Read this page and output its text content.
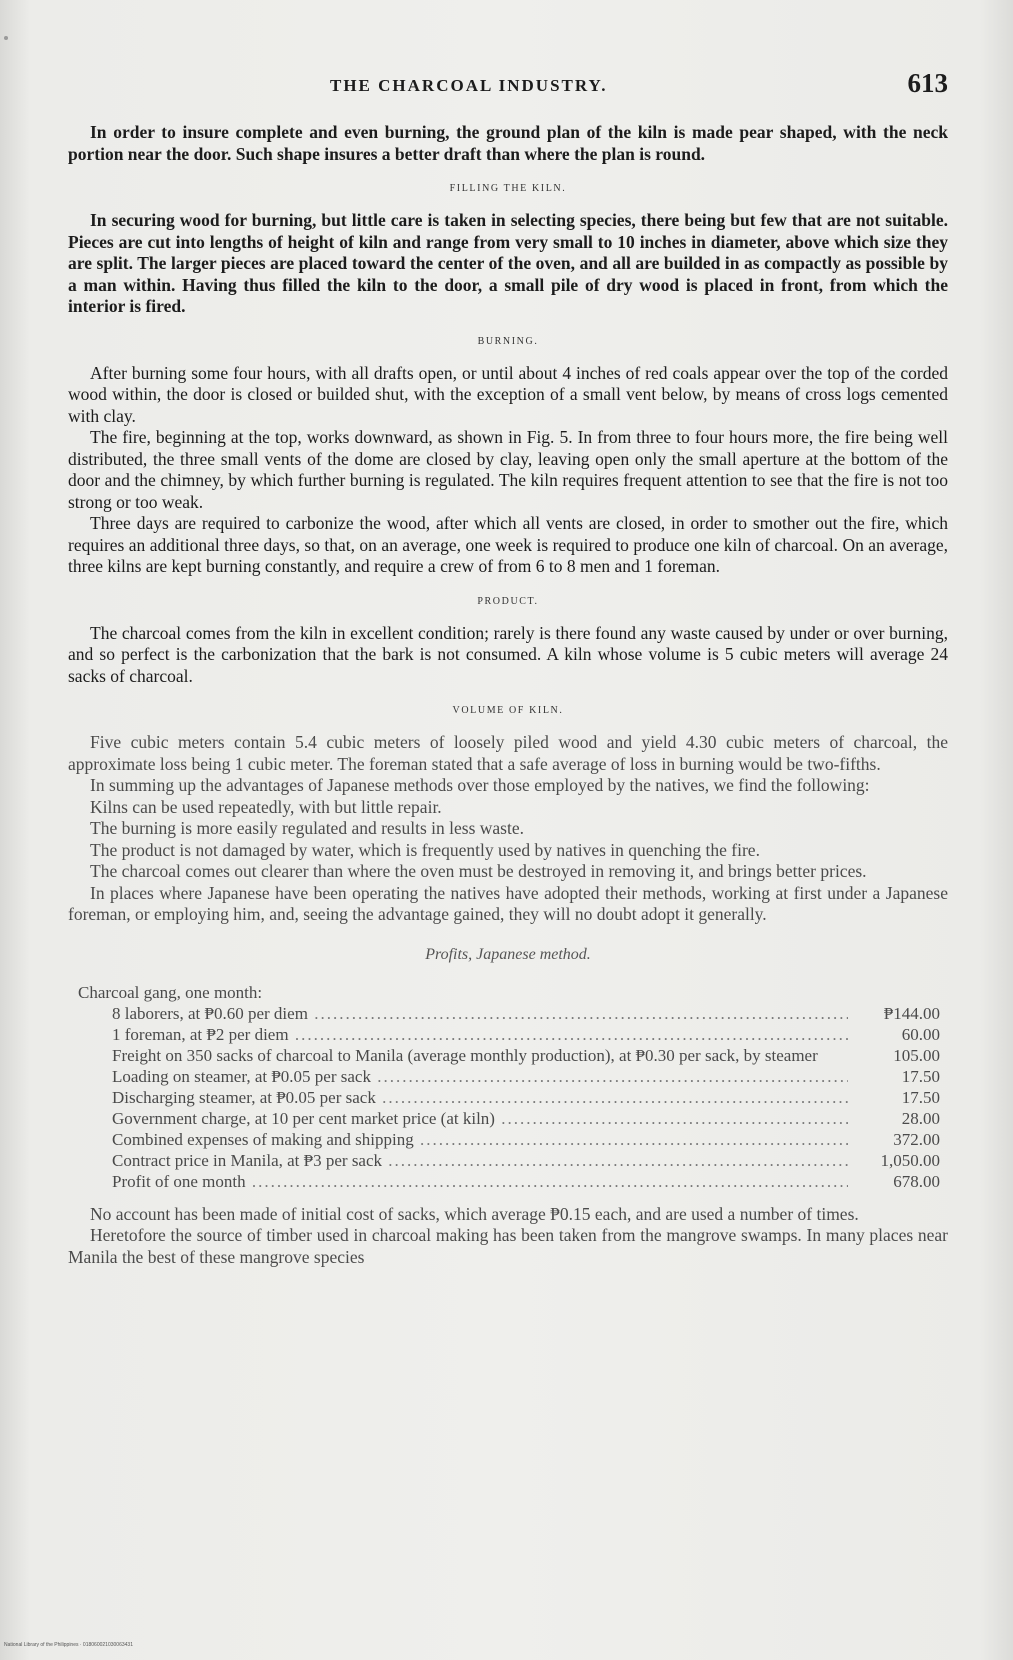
THE CHARCOAL INDUSTRY.	613

In order to insure complete and even burning, the ground plan of the kiln is made pear shaped, with the neck portion near the door. Such shape insures a better draft than where the plan is round.

FILLING THE KILN.

In securing wood for burning, but little care is taken in selecting species, there being but few that are not suitable. Pieces are cut into lengths of height of kiln and range from very small to 10 inches in diameter, above which size they are split. The larger pieces are placed toward the center of the oven, and all are builded in as compactly as possible by a man within. Having thus filled the kiln to the door, a small pile of dry wood is placed in front, from which the interior is fired.

BURNING.

After burning some four hours, with all drafts open, or until about 4 inches of red coals appear over the top of the corded wood within, the door is closed or builded shut, with the exception of a small vent below, by means of cross logs cemented with clay.

The fire, beginning at the top, works downward, as shown in Fig. 5. In from three to four hours more, the fire being well distributed, the three small vents of the dome are closed by clay, leaving open only the small aperture at the bottom of the door and the chimney, by which further burning is regulated. The kiln requires frequent attention to see that the fire is not too strong or too weak.

Three days are required to carbonize the wood, after which all vents are closed, in order to smother out the fire, which requires an additional three days, so that, on an average, one week is required to produce one kiln of charcoal. On an average, three kilns are kept burning constantly, and require a crew of from 6 to 8 men and 1 foreman.

PRODUCT.

The charcoal comes from the kiln in excellent condition; rarely is there found any waste caused by under or over burning, and so perfect is the carbonization that the bark is not consumed. A kiln whose volume is 5 cubic meters will average 24 sacks of charcoal.

VOLUME OF KILN.

Five cubic meters contain 5.4 cubic meters of loosely piled wood and yield 4.30 cubic meters of charcoal, the approximate loss being 1 cubic meter. The foreman stated that a safe average of loss in burning would be two-fifths.

In summing up the advantages of Japanese methods over those employed by the natives, we find the following:

Kilns can be used repeatedly, with but little repair.

The burning is more easily regulated and results in less waste.

The product is not damaged by water, which is frequently used by natives in quenching the fire.

The charcoal comes out clearer than where the oven must be destroyed in removing it, and brings better prices.

In places where Japanese have been operating the natives have adopted their methods, working at first under a Japanese foreman, or employing him, and, seeing the advantage gained, they will no doubt adopt it generally.

Profits, Japanese method.
Charcoal gang, one month:
8 laborers, at ₱0.60 per diem .....	₱144.00
1 foreman, at ₱2 per diem .....	60.00
Freight on 350 sacks of charcoal to Manila (average monthly production), at ₱0.30 per sack, by steamer	105.00
Loading on steamer, at ₱0.05 per sack .....	17.50
Discharging steamer, at ₱0.05 per sack .....	17.50
Government charge, at 10 per cent market price (at kiln) .....	28.00
Combined expenses of making and shipping .....	372.00
Contract price in Manila, at ₱3 per sack .....	1,050.00
Profit of one month .....	678.00

No account has been made of initial cost of sacks, which average ₱0.15 each, and are used a number of times.

Heretofore the source of timber used in charcoal making has been taken from the mangrove swamps. In many places near Manila the best of these mangrove species

National Library of the Philippines · 018060021030063431
